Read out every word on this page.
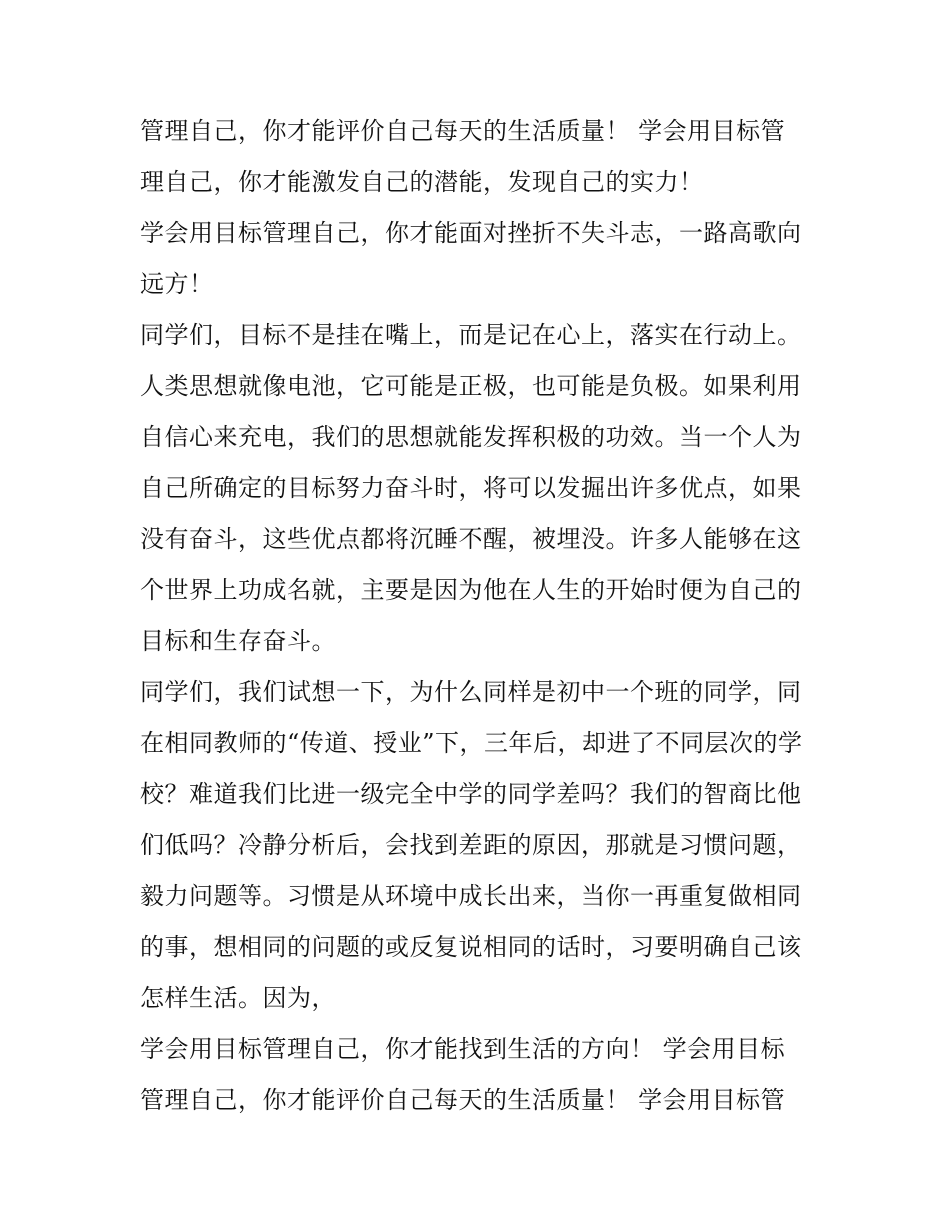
管理自己，你才能评价自己每天的生活质量！ 学会用目标管
理自己，你才能激发自己的潜能，发现自己的实力！
学会用目标管理自己，你才能面对挫折不失斗志，一路高歌向
远方！
同学们，目标不是挂在嘴上，而是记在心上，落实在行动上。
人类思想就像电池，它可能是正极，也可能是负极。如果利用
自信心来充电，我们的思想就能发挥积极的功效。当一个人为
自己所确定的目标努力奋斗时，将可以发掘出许多优点，如果
没有奋斗，这些优点都将沉睡不醒，被埋没。许多人能够在这
个世界上功成名就，主要是因为他在人生的开始时便为自己的
目标和生存奋斗。
同学们，我们试想一下，为什么同样是初中一个班的同学，同
在相同教师的“传道、授业”下，三年后，却进了不同层次的学
校？难道我们比进一级完全中学的同学差吗？我们的智商比他
们低吗？冷静分析后，会找到差距的原因，那就是习惯问题，
毅力问题等。习惯是从环境中成长出来，当你一再重复做相同
的事，想相同的问题的或反复说相同的话时，习要明确自己该
怎样生活。因为，
学会用目标管理自己，你才能找到生活的方向！ 学会用目标
管理自己，你才能评价自己每天的生活质量！ 学会用目标管
